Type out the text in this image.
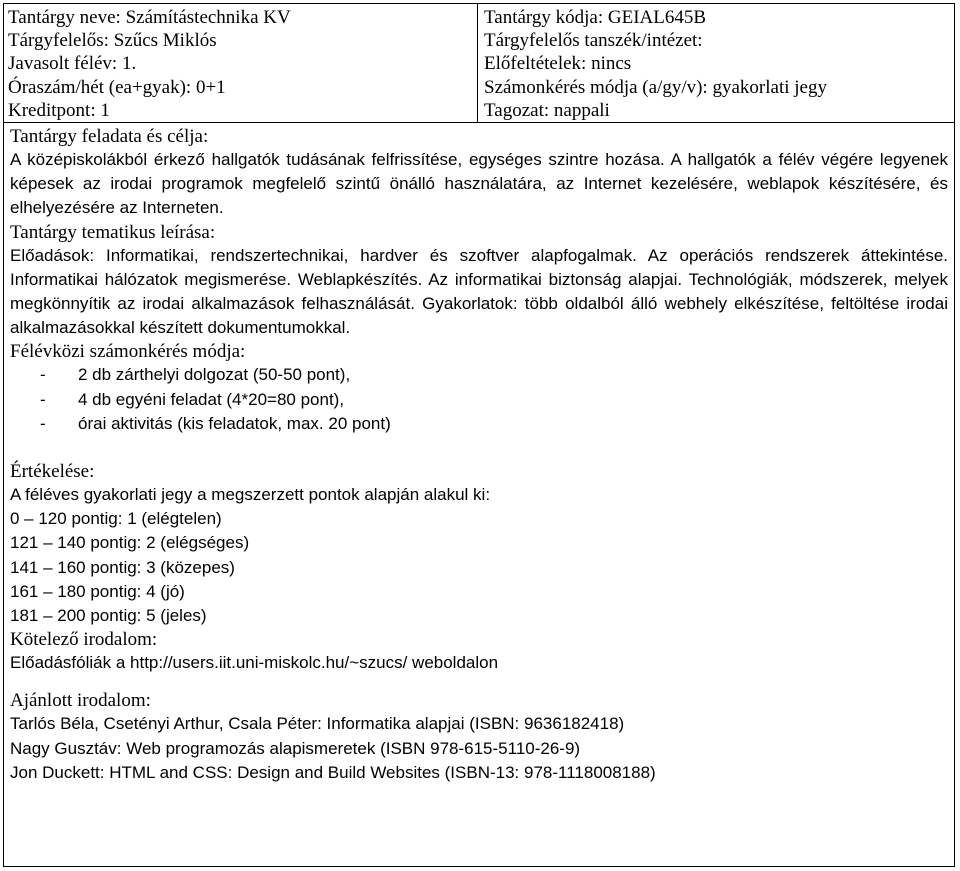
Tantárgy neve: Számítástechnika KV
Tárgyfelelős: Szűcs Miklós
Javasolt félév: 1.
Óraszám/hét (ea+gyak): 0+1
Kreditpont: 1
Tantárgy kódja: GEIAL645B
Tárgyfelelős tanszék/intézet:
Előfeltételek: nincs
Számonkérés módja (a/gy/v): gyakorlati jegy
Tagozat: nappali
Tantárgy feladata és célja:
A középiskolákból érkező hallgatók tudásának felfrissítése, egységes szintre hozása. A hallgatók a félév végére legyenek képesek az irodai programok megfelelő szintű önálló használatára, az Internet kezelésére, weblapok készítésére, és elhelyezésére az Interneten.
Tantárgy tematikus leírása:
Előadások: Informatikai, rendszertechnikai, hardver és szoftver alapfogalmak. Az operációs rendszerek áttekintése. Informatikai hálózatok megismerése. Weblapkészítés. Az informatikai biztonság alapjai. Technológiák, módszerek, melyek megkönnyítik az irodai alkalmazások felhasználását. Gyakorlatok: több oldalból álló webhely elkészítése, feltöltése irodai alkalmazásokkal készített dokumentumokkal.
Félévközi számonkérés módja:
- 2 db zárthelyi dolgozat (50-50 pont),
- 4 db egyéni feladat (4*20=80 pont),
- órai aktivitás (kis feladatok, max. 20 pont)
Értékelése:
A féléves gyakorlati jegy a megszerzett pontok alapján alakul ki:
0 – 120 pontig: 1 (elégtelen)
121 – 140 pontig: 2 (elégséges)
141 – 160 pontig: 3 (közepes)
161 – 180 pontig: 4 (jó)
181 – 200 pontig: 5 (jeles)
Kötelező irodalom:
Előadásfóliák a http://users.iit.uni-miskolc.hu/~szucs/ weboldalon
Ajánlott irodalom:
Tarlós Béla, Csetényi Arthur, Csala Péter: Informatika alapjai (ISBN: 9636182418)
Nagy Gusztáv: Web programozás alapismeretek (ISBN 978-615-5110-26-9)
Jon Duckett: HTML and CSS: Design and Build Websites (ISBN-13: 978-1118008188)
